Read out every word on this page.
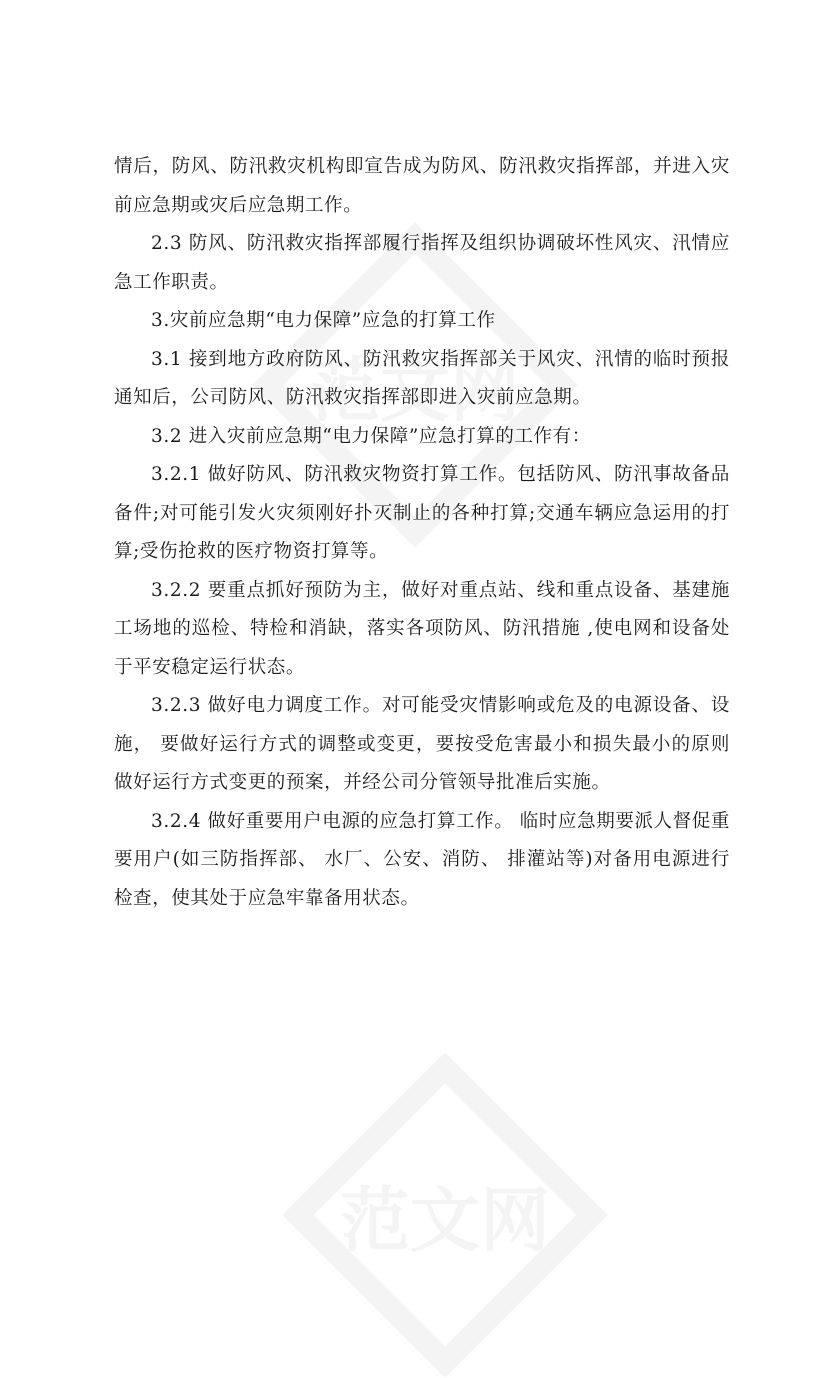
情后，防风、防汛救灾机构即宣告成为防风、防汛救灾指挥部，并进入灾前应急期或灾后应急期工作。

2.3 防风、防汛救灾指挥部履行指挥及组织协调破坏性风灾、汛情应急工作职责。

3.灾前应急期“电力保障”应急的打算工作

3.1 接到地方政府防风、防汛救灾指挥部关于风灾、汛情的临时预报通知后，公司防风、防汛救灾指挥部即进入灾前应急期。

3.2 进入灾前应急期“电力保障”应急打算的工作有：

3.2.1 做好防风、防汛救灾物资打算工作。包括防风、防汛事故备品备件;对可能引发火灾须刚好扑灭制止的各种打算;交通车辆应急运用的打算;受伤抢救的医疗物资打算等。

3.2.2 要重点抓好预防为主，做好对重点站、线和重点设备、基建施工场地的巡检、特检和消缺，落实各项防风、防汛措施 ,使电网和设备处于平安稳定运行状态。

3.2.3 做好电力调度工作。对可能受灾情影响或危及的电源设备、设施， 要做好运行方式的调整或变更，要按受危害最小和损失最小的原则做好运行方式变更的预案，并经公司分管领导批准后实施。

3.2.4 做好重要用户电源的应急打算工作。 临时应急期要派人督促重要用户(如三防指挥部、 水厂、公安、消防、 排灌站等)对备用电源进行检查，使其处于应急牢靠备用状态。
